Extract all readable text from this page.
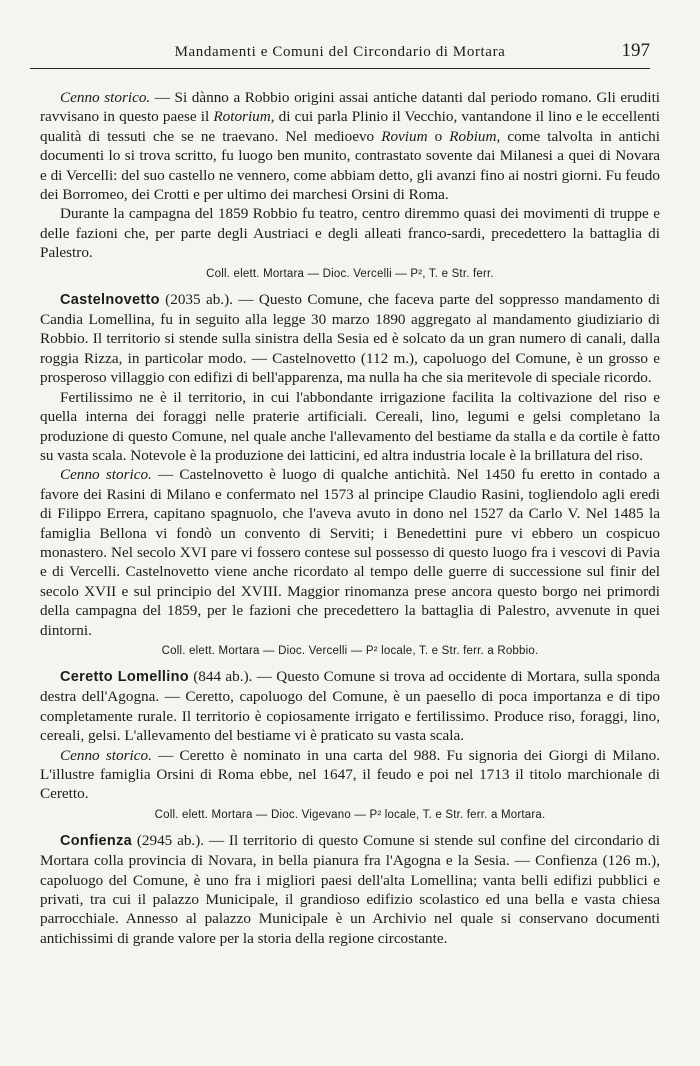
Mandamenti e Comuni del Circondario di Mortara	197

Cenno storico. — Si dànno a Robbio origini assai antiche datanti dal periodo romano. Gli eruditi ravvisano in questo paese il Rotorium, di cui parla Plinio il Vecchio, vantandone il lino e le eccellenti qualità di tessuti che se ne traevano. Nel medioevo Rovium o Robium, come talvolta in antichi documenti lo si trova scritto, fu luogo ben munito, contrastato sovente dai Milanesi a quei di Novara e di Vercelli: del suo castello ne vennero, come abbiam detto, gli avanzi fino ai nostri giorni. Fu feudo dei Borromeo, dei Crotti e per ultimo dei marchesi Orsini di Roma.

Durante la campagna del 1859 Robbio fu teatro, centro diremmo quasi dei movimenti di truppe e delle fazioni che, per parte degli Austriaci e degli alleati franco-sardi, precedettero la battaglia di Palestro.

Coll. elett. Mortara — Dioc. Vercelli — P², T. e Str. ferr.

Castelnovetto (2035 ab.). — Questo Comune, che faceva parte del soppresso mandamento di Candia Lomellina, fu in seguito alla legge 30 marzo 1890 aggregato al mandamento giudiziario di Robbio. Il territorio si stende sulla sinistra della Sesia ed è solcato da un gran numero di canali, dalla roggia Rizza, in particolar modo. — Castelnovetto (112 m.), capoluogo del Comune, è un grosso e prosperoso villaggio con edifizi di bell'apparenza, ma nulla ha che sia meritevole di speciale ricordo.

Fertilissimo ne è il territorio, in cui l'abbondante irrigazione facilita la coltivazione del riso e quella interna dei foraggi nelle praterie artificiali. Cereali, lino, legumi e gelsi completano la produzione di questo Comune, nel quale anche l'allevamento del bestiame da stalla e da cortile è fatto su vasta scala. Notevole è la produzione dei latticini, ed altra industria locale è la brillatura del riso.

Cenno storico. — Castelnovetto è luogo di qualche antichità. Nel 1450 fu eretto in contado a favore dei Rasini di Milano e confermato nel 1573 al principe Claudio Rasini, togliendolo agli eredi di Filippo Errera, capitano spagnuolo, che l'aveva avuto in dono nel 1527 da Carlo V. Nel 1485 la famiglia Bellona vi fondò un convento di Serviti; i Benedettini pure vi ebbero un cospicuo monastero. Nel secolo XVI pare vi fossero contese sul possesso di questo luogo fra i vescovi di Pavia e di Vercelli. Castelnovetto viene anche ricordato al tempo delle guerre di successione sul finir del secolo XVII e sul principio del XVIII. Maggior rinomanza prese ancora questo borgo nei primordi della campagna del 1859, per le fazioni che precedettero la battaglia di Palestro, avvenute in quei dintorni.

Coll. elett. Mortara — Dioc. Vercelli — P² locale, T. e Str. ferr. a Robbio.

Ceretto Lomellino (844 ab.). — Questo Comune si trova ad occidente di Mortara, sulla sponda destra dell'Agogna. — Ceretto, capoluogo del Comune, è un paesello di poca importanza e di tipo completamente rurale. Il territorio è copiosamente irrigato e fertilissimo. Produce riso, foraggi, lino, cereali, gelsi. L'allevamento del bestiame vi è praticato su vasta scala.

Cenno storico. — Ceretto è nominato in una carta del 988. Fu signoria dei Giorgi di Milano. L'illustre famiglia Orsini di Roma ebbe, nel 1647, il feudo e poi nel 1713 il titolo marchionale di Ceretto.

Coll. elett. Mortara — Dioc. Vigevano — P² locale, T. e Str. ferr. a Mortara.

Confienza (2945 ab.). — Il territorio di questo Comune si stende sul confine del circondario di Mortara colla provincia di Novara, in bella pianura fra l'Agogna e la Sesia. — Confienza (126 m.), capoluogo del Comune, è uno fra i migliori paesi dell'alta Lomellina; vanta belli edifizi pubblici e privati, tra cui il palazzo Municipale, il grandioso edifizio scolastico ed una bella e vasta chiesa parrocchiale. Annesso al palazzo Municipale è un Archivio nel quale si conservano documenti antichissimi di grande valore per la storia della regione circostante.
